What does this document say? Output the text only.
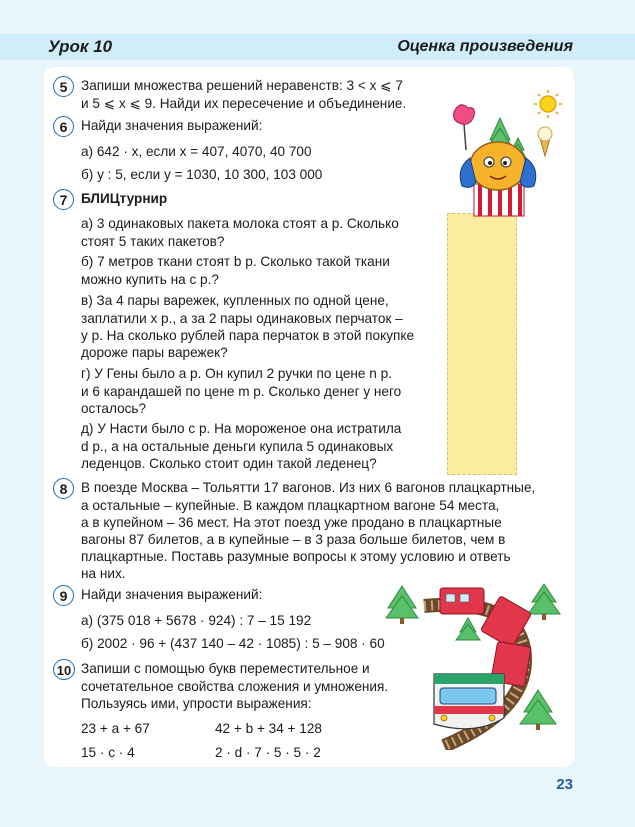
Урок 10	Оценка произведения
5	Запиши множества решений неравенств: 3 < x ⩽ 7

и 5 ⩽ x ⩽ 9. Найди их пересечение и объединение.

6	Найди значения выражений:

а) 642 · x, если x = 407, 4070, 40 700

б) y : 5, если y = 1030, 10 300, 103 000

7	БЛИЦтурнир

а) 3 одинаковых пакета молока стоят a р. Сколько

стоят 5 таких пакетов?

б) 7 метров ткани стоят b р. Сколько такой ткани

можно купить на c р.?

в) За 4 пары варежек, купленных по одной цене,

заплатили x р., а за 2 пары одинаковых перчаток –

y р. На сколько рублей пара перчаток в этой покупке

дороже пары варежек?

г) У Гены было a р. Он купил 2 ручки по цене n р.

и 6 карандашей по цене m р. Сколько денег у него

осталось?

д) У Насти было c р. На мороженое она истратила

d р., а на остальные деньги купила 5 одинаковых

леденцов. Сколько стоит один такой леденец?

8	В поезде Москва – Тольятти 17 вагонов. Из них 6 вагонов плацкартные,

а остальные – купейные. В каждом плацкартном вагоне 54 места,

а в купейном – 36 мест. На этот поезд уже продано в плацкартные

вагоны 87 билетов, а в купейные – в 3 раза больше билетов, чем в

плацкартные. Поставь разумные вопросы к этому условию и ответь

на них.

9	Найди значения выражений:

а) (375 018 + 5678 · 924) : 7 – 15 192

б) 2002 · 96 + (437 140 – 42 · 1085) : 5 – 908 · 60

10 Запиши с помощью букв переместительное и

сочетательное свойства сложения и умножения.

Пользуясь ими, упрости выражения:

23 + a + 67	42 + b + 34 + 128

15 · c · 4	2 · d · 7 · 5 · 5 · 2

23
